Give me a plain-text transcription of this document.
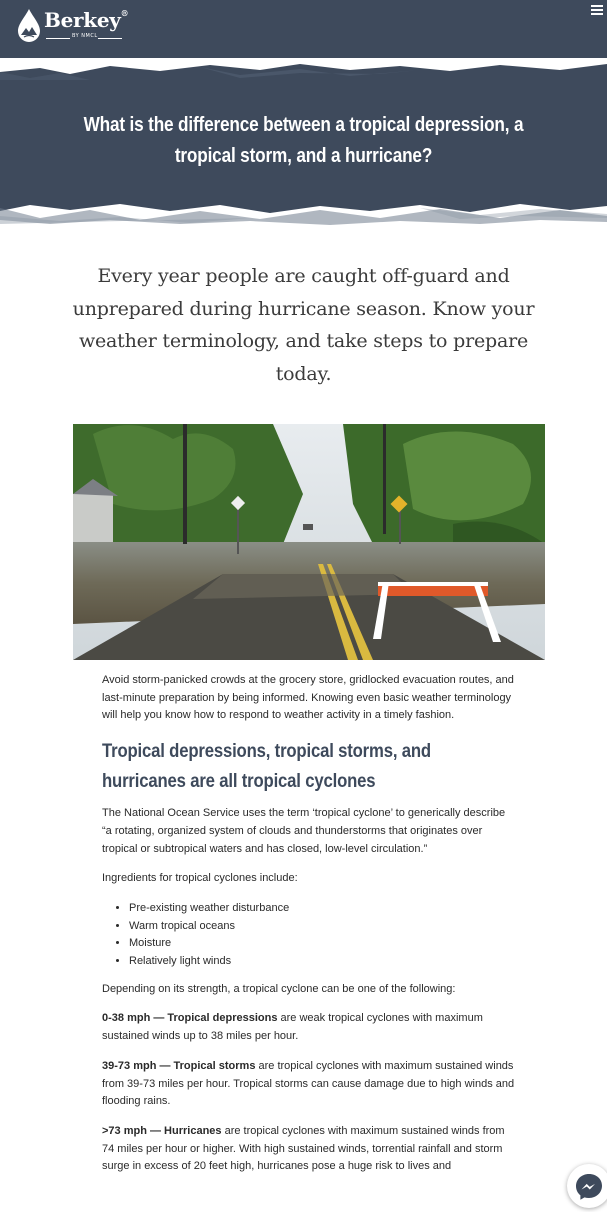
Berkey®
BY NMCL
What is the difference between a tropical depression, a tropical storm, and a hurricane?
Every year people are caught off-guard and unprepared during hurricane season. Know your weather terminology, and take steps to prepare today.

Avoid storm-panicked crowds at the grocery store, gridlocked evacuation routes, and last-minute preparation by being informed. Knowing even basic weather terminology will help you know how to respond to weather activity in a timely fashion.

Tropical depressions, tropical storms, and hurricanes are all tropical cyclones

The National Ocean Service uses the term ‘tropical cyclone’ to generically describe “a rotating, organized system of clouds and thunderstorms that originates over tropical or subtropical waters and has closed, low-level circulation.”

Ingredients for tropical cyclones include:

• Pre-existing weather disturbance
• Warm tropical oceans
• Moisture
• Relatively light winds

Depending on its strength, a tropical cyclone can be one of the following:

0-38 mph — Tropical depressions are weak tropical cyclones with maximum sustained winds up to 38 miles per hour.

39-73 mph — Tropical storms are tropical cyclones with maximum sustained winds from 39-73 miles per hour. Tropical storms can cause damage due to high winds and flooding rains.

>73 mph — Hurricanes are tropical cyclones with maximum sustained winds from 74 miles per hour or higher. With high sustained winds, torrential rainfall and storm surge in excess of 20 feet high, hurricanes pose a huge risk to lives and
